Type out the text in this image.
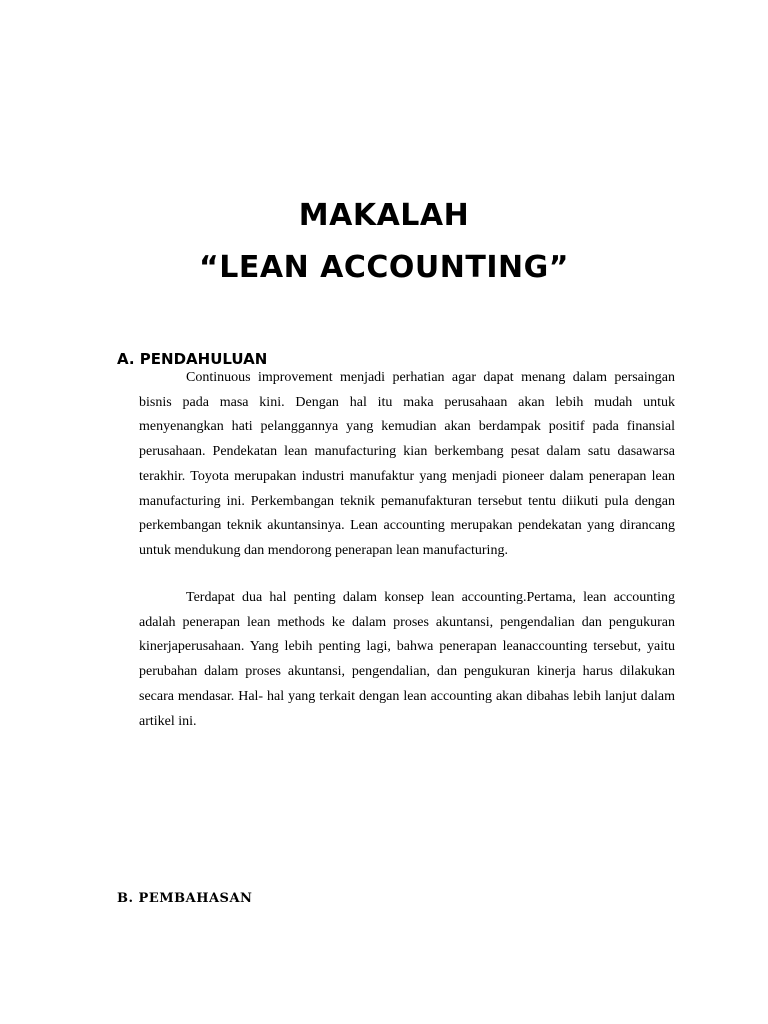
MAKALAH
“LEAN ACCOUNTING”
A. PENDAHULUAN

Continuous improvement menjadi perhatian agar dapat menang dalam persaingan bisnis pada masa kini. Dengan hal itu maka perusahaan akan lebih mudah untuk menyenangkan hati pelanggannya yang kemudian akan berdampak positif pada finansial perusahaan. Pendekatan lean manufacturing kian berkembang pesat dalam satu dasawarsa terakhir. Toyota merupakan industri manufaktur yang menjadi pioneer dalam penerapan lean manufacturing ini. Perkembangan teknik pemanufakturan tersebut tentu diikuti pula dengan perkembangan teknik akuntansinya. Lean accounting merupakan pendekatan yang dirancang untuk mendukung dan mendorong penerapan lean manufacturing.

Terdapat dua hal penting dalam konsep lean accounting.Pertama, lean accounting adalah penerapan lean methods ke dalam proses akuntansi, pengendalian dan pengukuran kinerjaperusahaan. Yang lebih penting lagi, bahwa penerapan leanaccounting tersebut, yaitu perubahan dalam proses akuntansi, pengendalian, dan pengukuran kinerja harus dilakukan secara mendasar. Hal- hal yang terkait dengan lean accounting akan dibahas lebih lanjut dalam artikel ini.

B. PEMBAHASAN
